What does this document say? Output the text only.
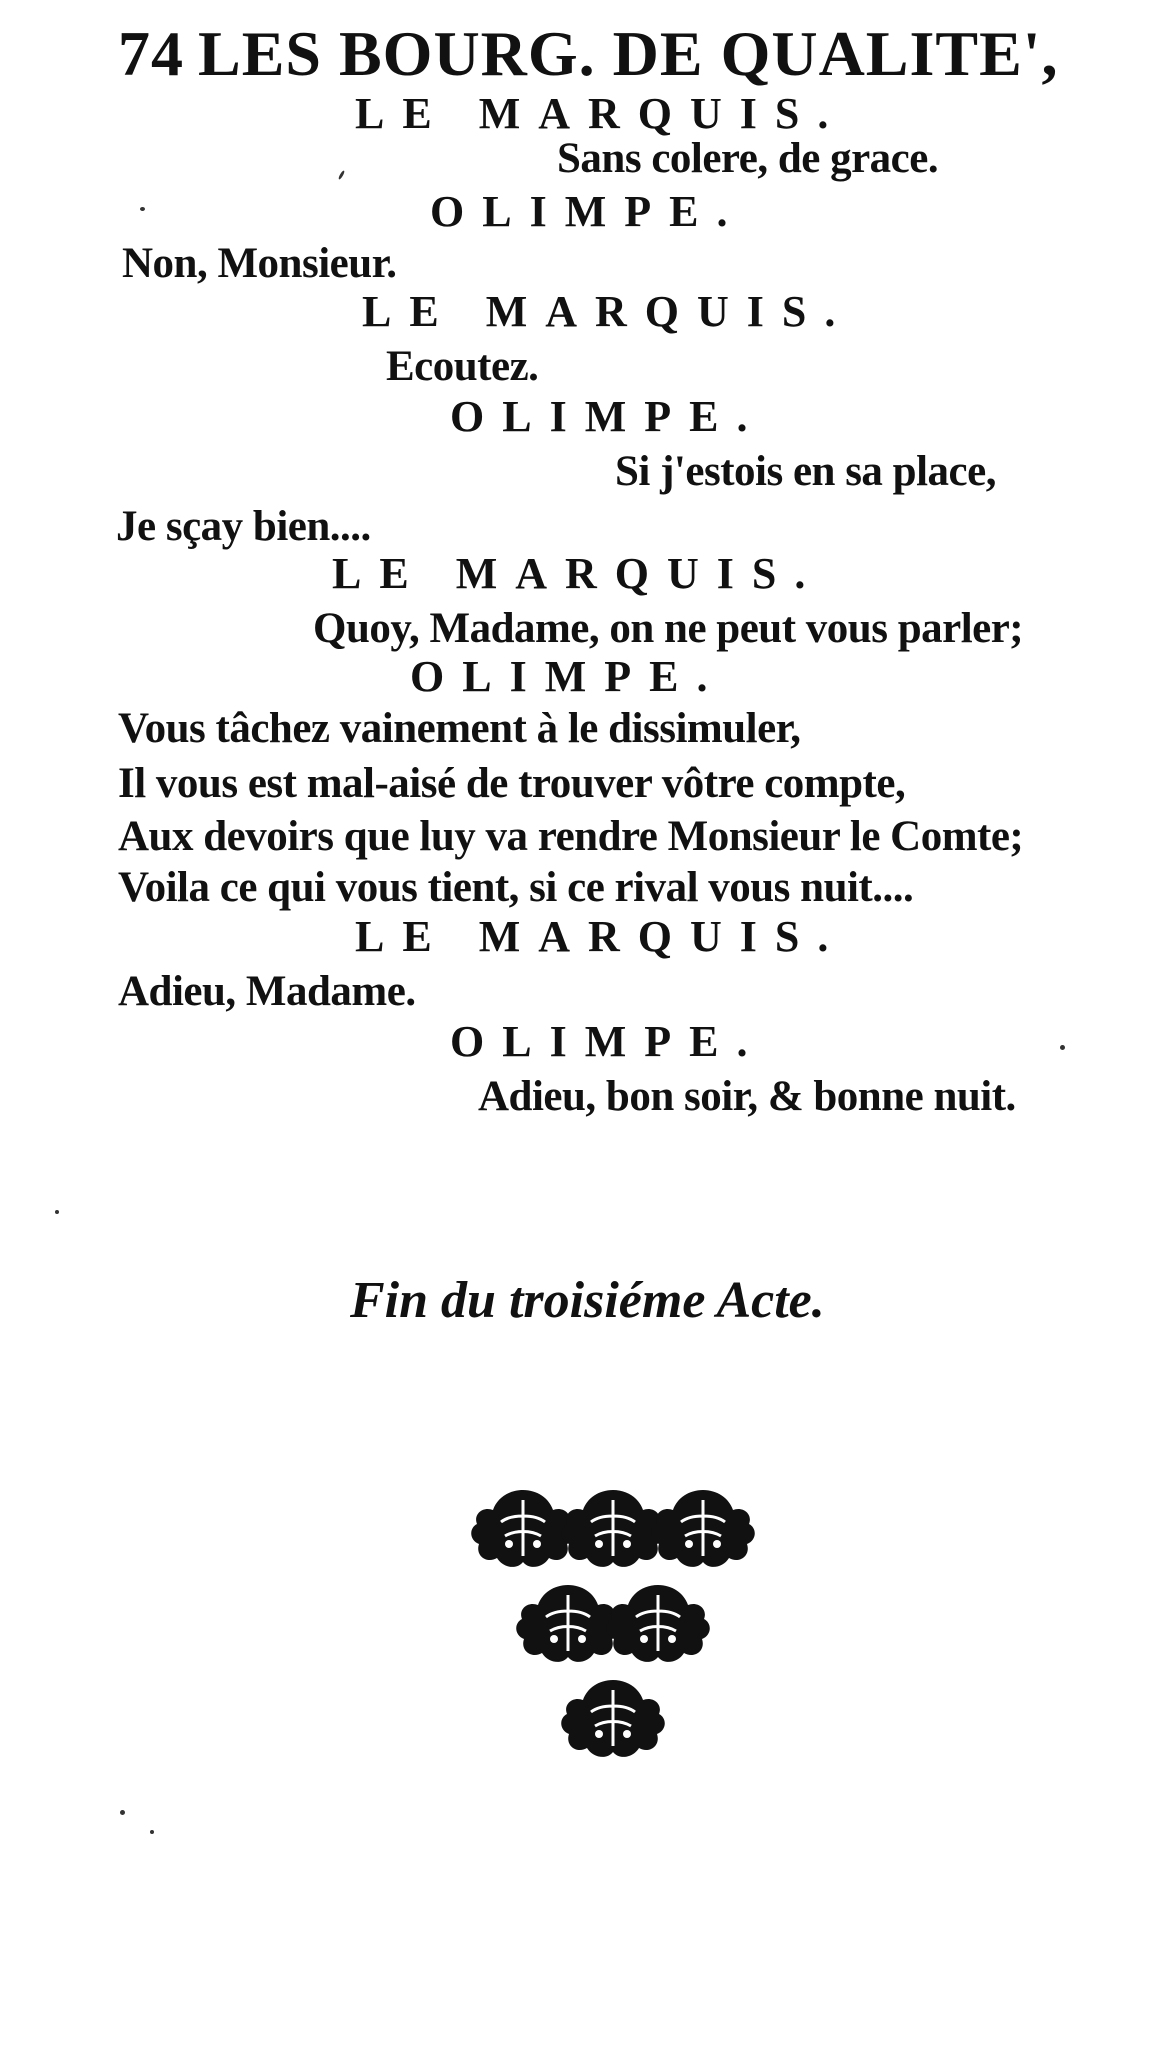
74 LES BOURG. DE QUALITE',
LE MARQUIS.
Sans colere, de grace.
OLIMPE.
Non, Monsieur.
LE MARQUIS.
Ecoutez.
OLIMPE.
Si j'estois en sa place,
Je sçay bien....
LE MARQUIS.
Quoy, Madame, on ne peut vous parler;
OLIMPE.
Vous tâchez vainement à le dissimuler,
Il vous est mal-aisé de trouver vôtre compte,
Aux devoirs que luy va rendre Monsieur le Comte;
Voila ce qui vous tient, si ce rival vous nuit....
LE MARQUIS.
Adieu, Madame.
OLIMPE.
Adieu, bon soir, & bonne nuit.
Fin du troisiéme Acte.
